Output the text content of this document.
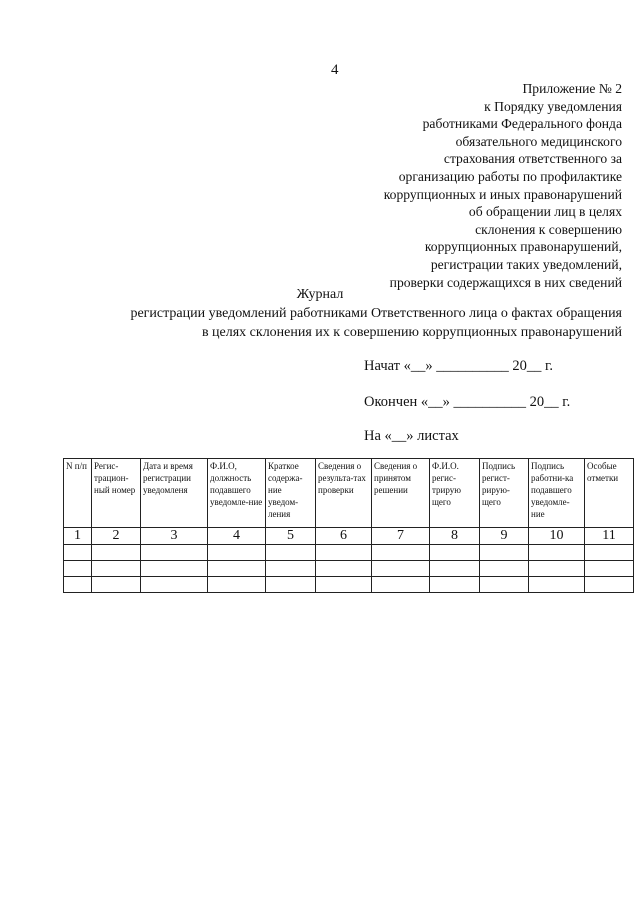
4
Приложение № 2
к Порядку уведомления
работниками Федерального фонда
обязательного медицинского
страхования ответственного за
организацию работы по профилактике
коррупционных и иных правонарушений
об обращении лиц в целях
склонения к совершению
коррупционных правонарушений,
регистрации таких уведомлений,
проверки содержащихся в них сведений
Журнал
регистрации уведомлений работниками Ответственного лица о фактах обращения
в целях склонения их к совершению коррупционных правонарушений
Начат «__» __________ 20__ г.
Окончен «__» __________ 20__ г.
На «__» листах
N п/п	Регис-трацион-ный номер	Дата и время регистрации уведомленя	Ф.И.О, должность подавшего уведомле-ние	Краткое содержа-ние уведом-ления	Сведения о результа-тах проверки	Сведения о принятом решении	Ф.И.О. регис-трирую щего	Подпись регист-рирую-щего	Подпись работни-ка подавшего уведомле-ние	Особые отметки
1	2	3	4	5	6	7	8	9	10	11
